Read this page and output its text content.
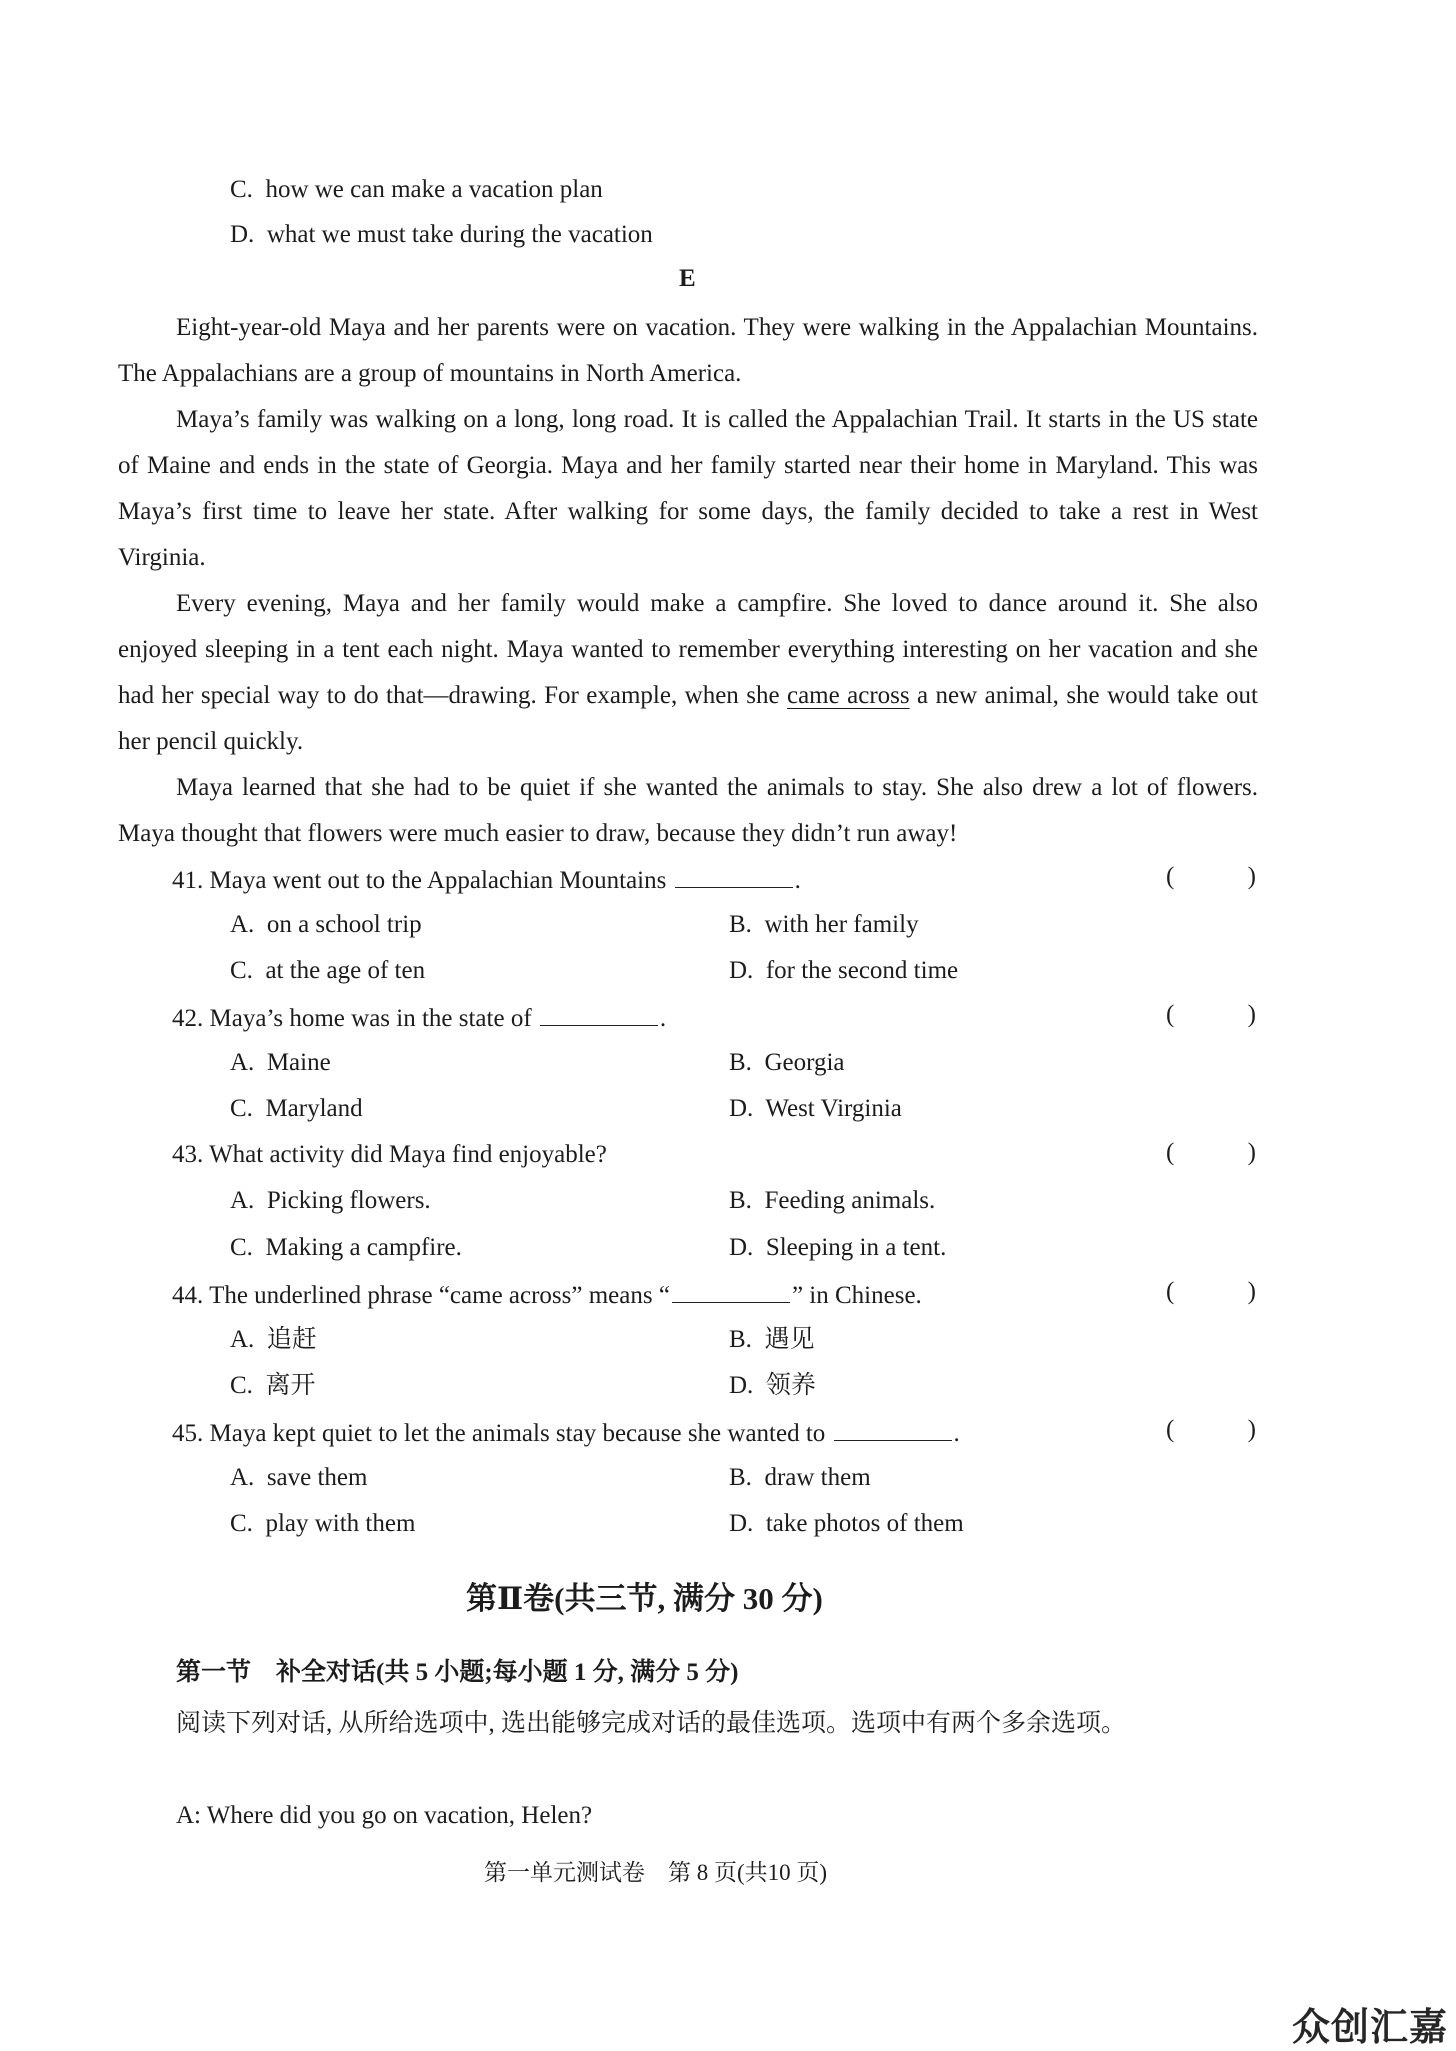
C. how we can make a vacation plan
D. what we must take during the vacation
E
Eight-year-old Maya and her parents were on vacation. They were walking in the Appalachian Mountains. The Appalachians are a group of mountains in North America.
Maya’s family was walking on a long, long road. It is called the Appalachian Trail. It starts in the US state of Maine and ends in the state of Georgia. Maya and her family started near their home in Maryland. This was Maya’s first time to leave her state. After walking for some days, the family decided to take a rest in West Virginia.
Every evening, Maya and her family would make a campfire. She loved to dance around it. She also enjoyed sleeping in a tent each night. Maya wanted to remember everything interesting on her vacation and she had her special way to do that—drawing. For example, when she came across a new animal, she would take out her pencil quickly.
Maya learned that she had to be quiet if she wanted the animals to stay. She also drew a lot of flowers. Maya thought that flowers were much easier to draw, because they didn’t run away!
41. Maya went out to the Appalachian Mountains	.	(	)
A. on a school trip	B. with her family
C. at the age of ten	D. for the second time
42. Maya’s home was in the state of	.	(	)
A. Maine	B. Georgia
C. Maryland	D. West Virginia
43. What activity did Maya find enjoyable?	(	)
A. Picking flowers.	B. Feeding animals.
C. Making a campfire.	D. Sleeping in a tent.
44. The underlined phrase “came across” means “	” in Chinese.	(	)
A. 追赶	B. 遇见
C. 离开	D. 领养
45. Maya kept quiet to let the animals stay because she wanted to	.	(	)
A. save them	B. draw them
C. play with them	D. take photos of them
第Ⅱ卷(共三节, 满分 30 分)
第一节　补全对话(共 5 小题;每小题 1 分, 满分 5 分)
阅读下列对话, 从所给选项中, 选出能够完成对话的最佳选项。选项中有两个多余选项。
A: Where did you go on vacation, Helen?
第一单元测试卷　第 8 页(共10 页)
众创汇嘉
